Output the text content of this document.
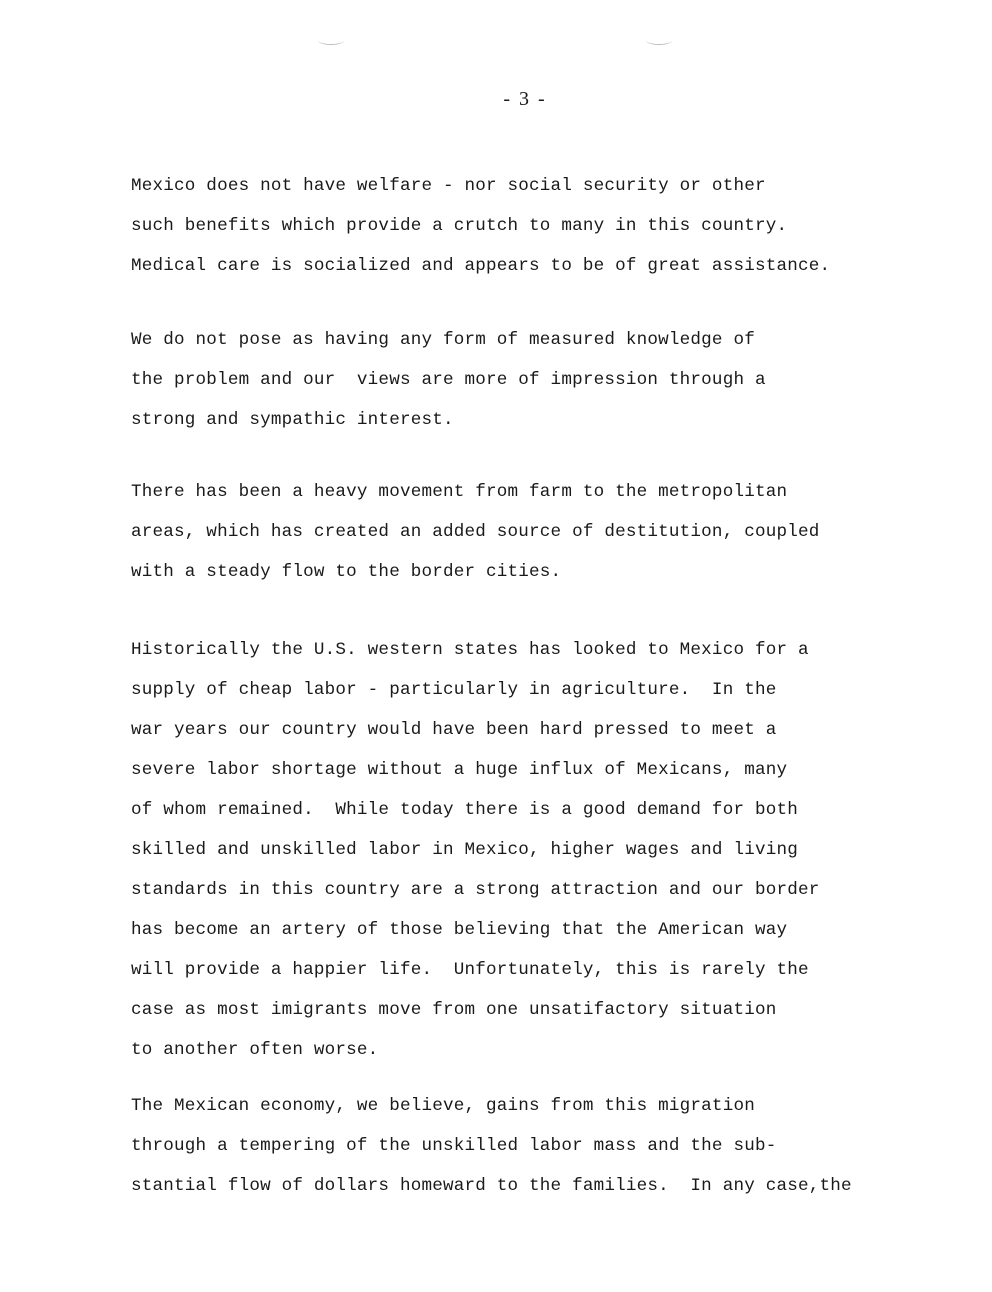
- 3 -
Mexico does not have welfare - nor social security or other
such benefits which provide a crutch to many in this country.
Medical care is socialized and appears to be of great assistance.
We do not pose as having any form of measured knowledge of
the problem and our  views are more of impression through a
strong and sympathic interest.
There has been a heavy movement from farm to the metropolitan
areas, which has created an added source of destitution, coupled
with a steady flow to the border cities.
Historically the U.S. western states has looked to Mexico for a
supply of cheap labor - particularly in agriculture.  In the
war years our country would have been hard pressed to meet a
severe labor shortage without a huge influx of Mexicans, many
of whom remained.  While today there is a good demand for both
skilled and unskilled labor in Mexico, higher wages and living
standards in this country are a strong attraction and our border
has become an artery of those believing that the American way
will provide a happier life.  Unfortunately, this is rarely the
case as most imigrants move from one unsatifactory situation
to another often worse.
The Mexican economy, we believe, gains from this migration
through a tempering of the unskilled labor mass and the sub-
stantial flow of dollars homeward to the families.  In any case,the
